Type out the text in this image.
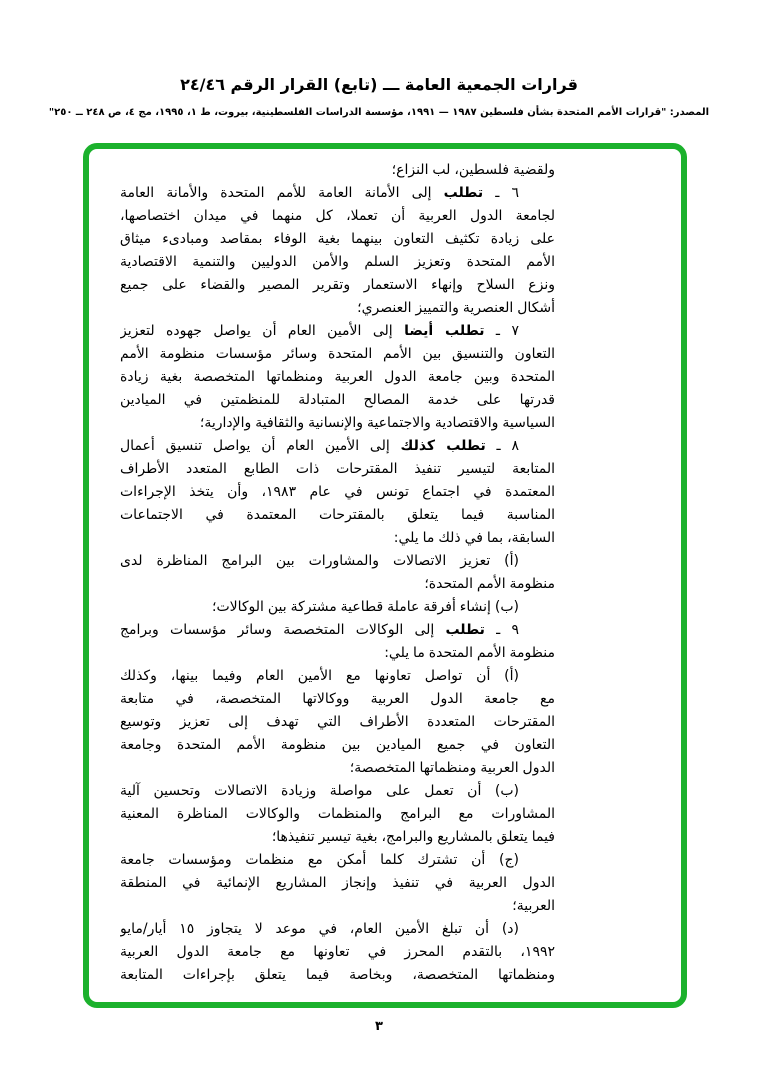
قرارات الجمعية العامة ـــ (تابع) القرار الرقم ٢٤/٤٦
المصدر: "قرارات الأمم المتحدة بشأن فلسطين ١٩٨٧ — ١٩٩١، مؤسسة الدراسات الفلسطينية، بيروت، ط ١، ١٩٩٥، مج ٤، ص ٢٤٨ ــ ٢٥٠"
ولقضية فلسطين، لب النزاع؛
٦ ـ تطلب إلى الأمانة العامة للأمم المتحدة والأمانة العامة
لجامعة الدول العربية أن تعملا، كل منهما في ميدان اختصاصها،
على زيادة تكثيف التعاون بينهما بغية الوفاء بمقاصد ومبادىء ميثاق
الأمم المتحدة وتعزيز السلم والأمن الدوليين والتنمية الاقتصادية
ونزع السلاح وإنهاء الاستعمار وتقرير المصير والقضاء على جميع
أشكال العنصرية والتمييز العنصري؛
٧ ـ تطلب أيضا إلى الأمين العام أن يواصل جهوده لتعزيز
التعاون والتنسيق بين الأمم المتحدة وسائر مؤسسات منظومة الأمم
المتحدة وبين جامعة الدول العربية ومنظماتها المتخصصة بغية زيادة
قدرتها على خدمة المصالح المتبادلة للمنظمتين في الميادين
السياسية والاقتصادية والاجتماعية والإنسانية والثقافية والإدارية؛
٨ ـ تطلب كذلك إلى الأمين العام أن يواصل تنسيق أعمال
المتابعة لتيسير تنفيذ المقترحات ذات الطابع المتعدد الأطراف
المعتمدة في اجتماع تونس في عام ١٩٨٣، وأن يتخذ الإجراءات
المناسبة فيما يتعلق بالمقترحات المعتمدة في الاجتماعات
السابقة، بما في ذلك ما يلي:
(أ) تعزيز الاتصالات والمشاورات بين البرامج المناظرة لدى
منظومة الأمم المتحدة؛
(ب) إنشاء أفرقة عاملة قطاعية مشتركة بين الوكالات؛
٩ ـ تطلب إلى الوكالات المتخصصة وسائر مؤسسات وبرامج
منظومة الأمم المتحدة ما يلي:
(أ) أن تواصل تعاونها مع الأمين العام وفيما بينها، وكذلك
مع جامعة الدول العربية ووكالاتها المتخصصة، في متابعة
المقترحات المتعددة الأطراف التي تهدف إلى تعزيز وتوسيع
التعاون في جميع الميادين بين منظومة الأمم المتحدة وجامعة
الدول العربية ومنظماتها المتخصصة؛
(ب) أن تعمل على مواصلة وزيادة الاتصالات وتحسين آلية
المشاورات مع البرامج والمنظمات والوكالات المناظرة المعنية
فيما يتعلق بالمشاريع والبرامج، بغية تيسير تنفيذها؛
(ج) أن تشترك كلما أمكن مع منظمات ومؤسسات جامعة
الدول العربية في تنفيذ وإنجاز المشاريع الإنمائية في المنطقة
العربية؛
(د) أن تبلغ الأمين العام، في موعد لا يتجاوز ١٥ أيار/مايو
١٩٩٢، بالتقدم المحرز في تعاونها مع جامعة الدول العربية
ومنظماتها المتخصصة، وبخاصة فيما يتعلق بإجراءات المتابعة
٣
